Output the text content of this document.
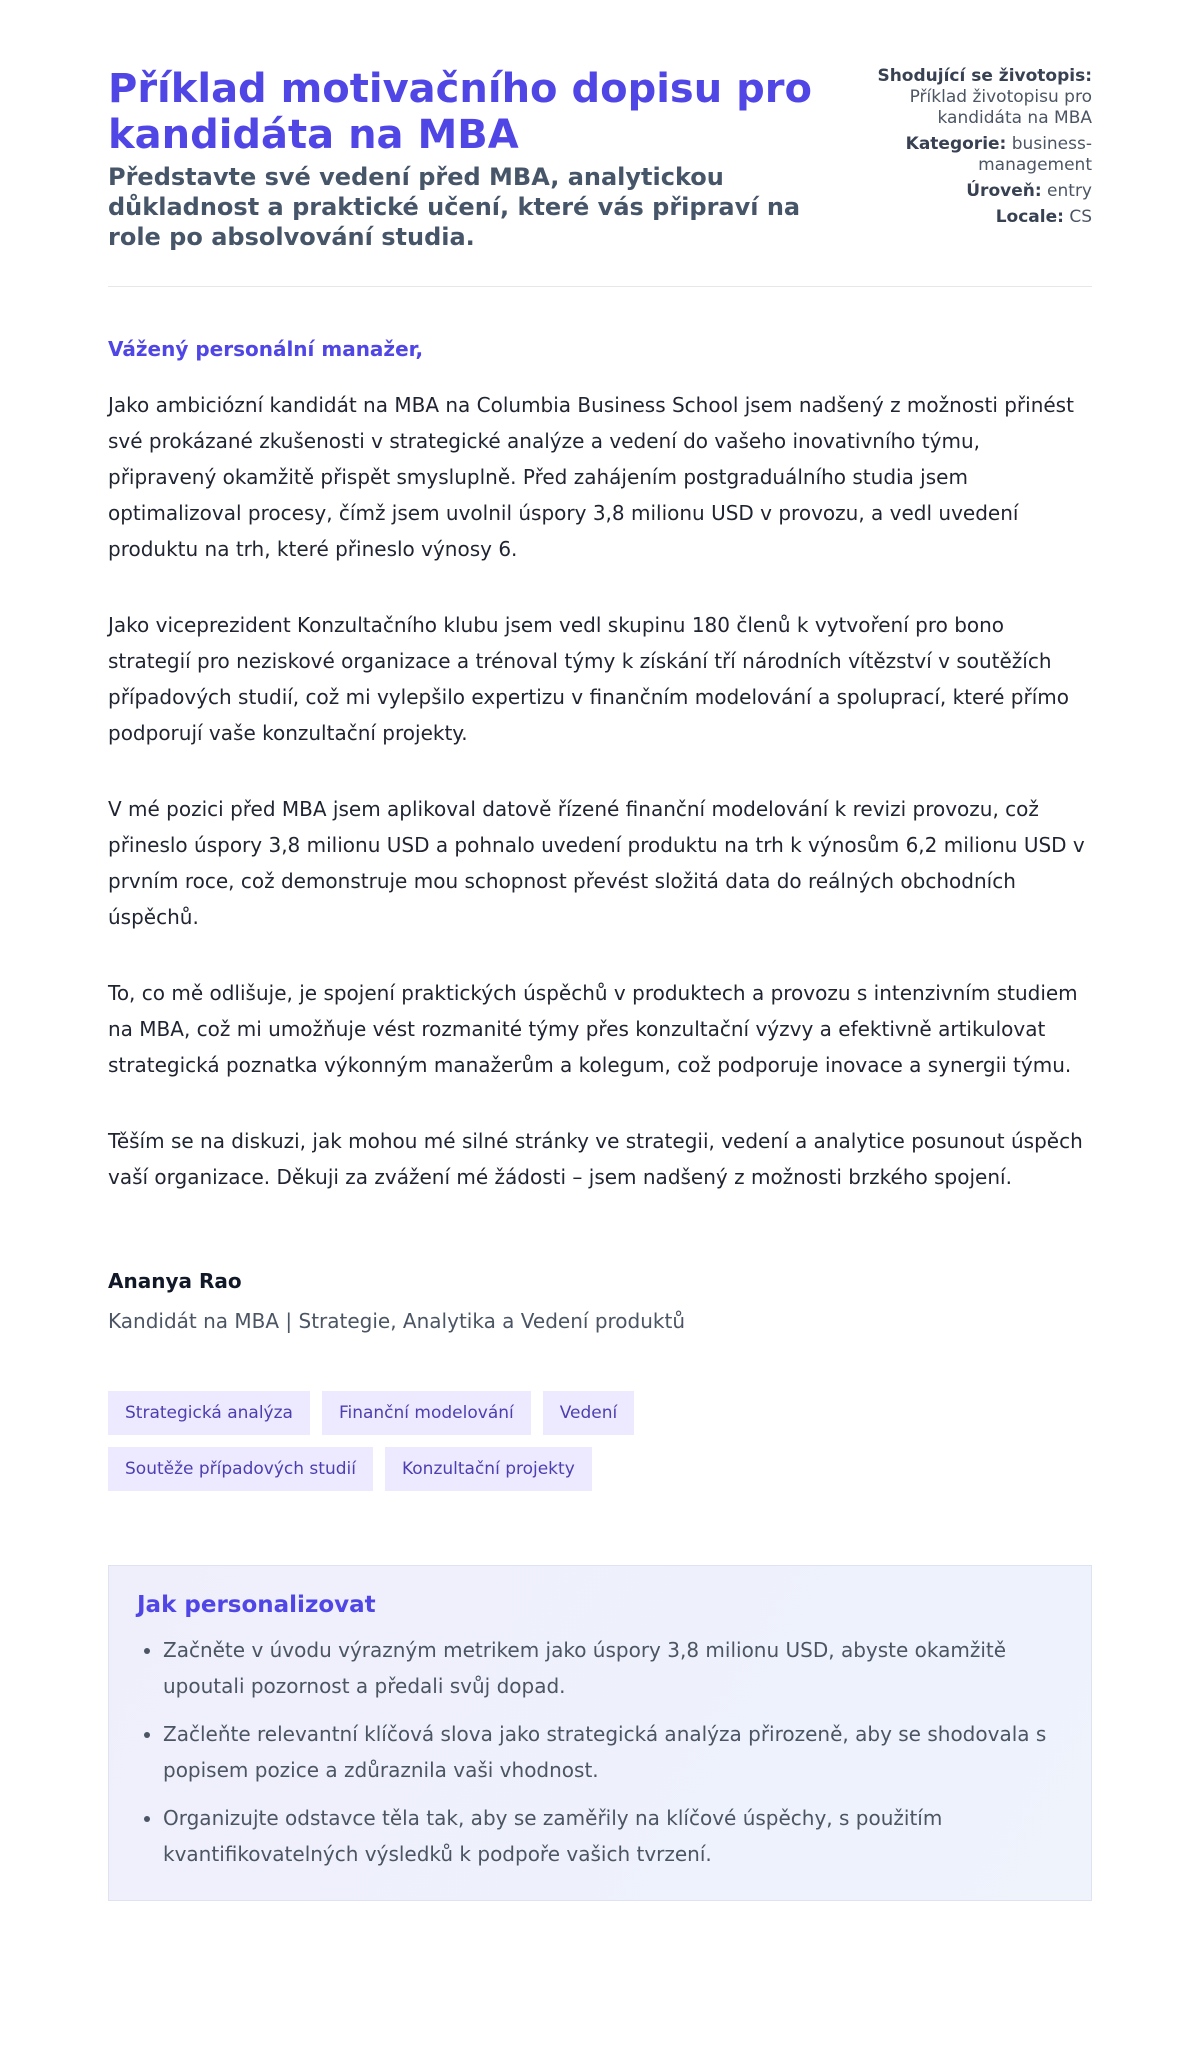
Příklad motivačního dopisu pro kandidáta na MBA

Představte své vedení před MBA, analytickou důkladnost a praktické učení, které vás připraví na role po absolvování studia.

Shodující se životopis: Příklad životopisu pro kandidáta na MBA
Kategorie: business-management
Úroveň: entry
Locale: CS

Vážený personální manažer,

Jako ambiciózní kandidát na MBA na Columbia Business School jsem nadšený z možnosti přinést své prokázané zkušenosti v strategické analýze a vedení do vašeho inovativního týmu, připravený okamžitě přispět smysluplně. Před zahájením postgraduálního studia jsem optimalizoval procesy, čímž jsem uvolnil úspory 3,8 milionu USD v provozu, a vedl uvedení produktu na trh, které přineslo výnosy 6.

Jako viceprezident Konzultačního klubu jsem vedl skupinu 180 členů k vytvoření pro bono strategií pro neziskové organizace a trénoval týmy k získání tří národních vítězství v soutěžích případových studií, což mi vylepšilo expertizu v finančním modelování a spoluprací, které přímo podporují vaše konzultační projekty.

V mé pozici před MBA jsem aplikoval datově řízené finanční modelování k revizi provozu, což přineslo úspory 3,8 milionu USD a pohnalo uvedení produktu na trh k výnosům 6,2 milionu USD v prvním roce, což demonstruje mou schopnost převést složitá data do reálných obchodních úspěchů.

To, co mě odlišuje, je spojení praktických úspěchů v produktech a provozu s intenzivním studiem na MBA, což mi umožňuje vést rozmanité týmy přes konzultační výzvy a efektivně artikulovat strategická poznatka výkonným manažerům a kolegum, což podporuje inovace a synergii týmu.

Těším se na diskuzi, jak mohou mé silné stránky ve strategii, vedení a analytice posunout úspěch vaší organizace. Děkuji za zvážení mé žádosti – jsem nadšený z možnosti brzkého spojení.

Ananya Rao

Kandidát na MBA | Strategie, Analytika a Vedení produktů

Strategická analýza	Finanční modelování	Vedení
Soutěže případových studií	Konzultační projekty
Jak personalizovat
• Začněte v úvodu výrazným metrikem jako úspory 3,8 milionu USD, abyste okamžitě upoutali pozornost a předali svůj dopad.
• Začleňte relevantní klíčová slova jako strategická analýza přirozeně, aby se shodovala s popisem pozice a zdůraznila vaši vhodnost.
• Organizujte odstavce těla tak, aby se zaměřily na klíčové úspěchy, s použitím kvantifikovatelných výsledků k podpoře vašich tvrzení.
